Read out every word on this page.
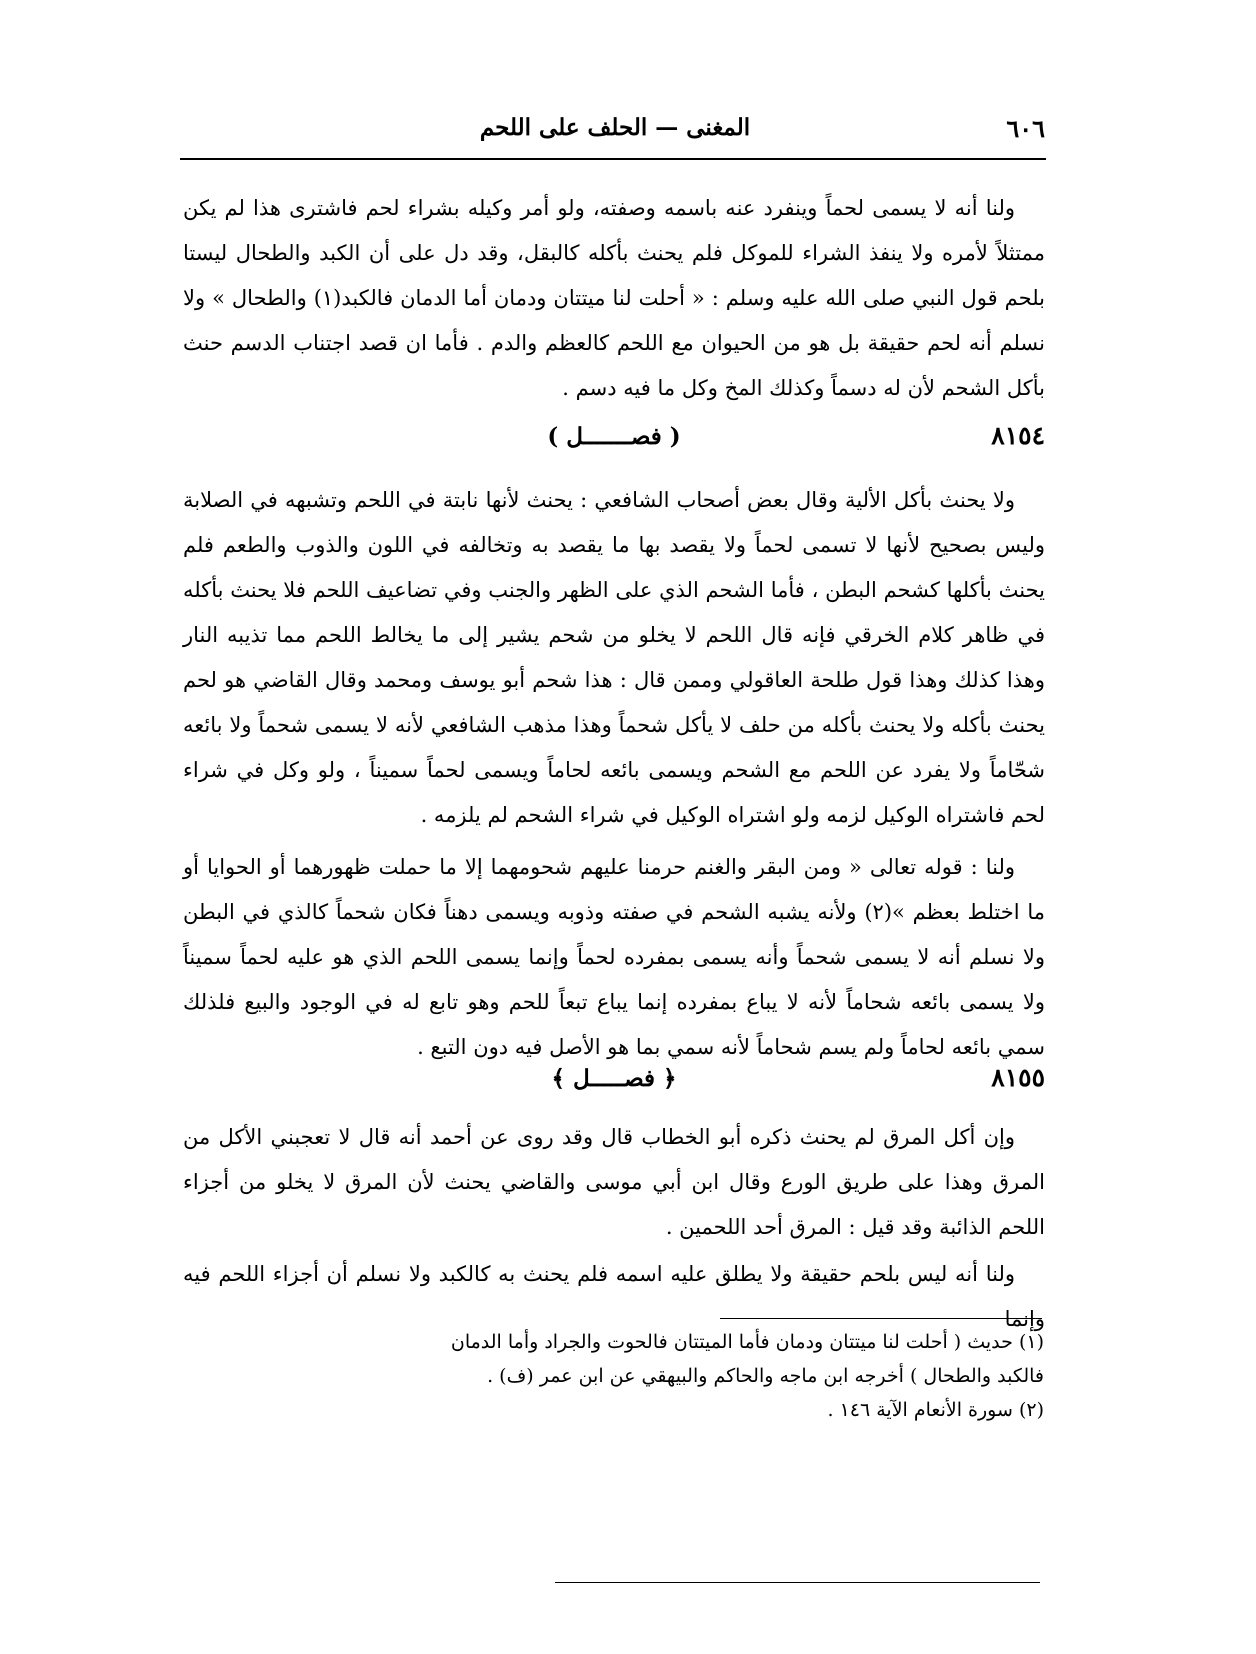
٦٠٦
المغنى — الحلف على اللحم

ولنا أنه لا يسمى لحماً وينفرد عنه باسمه وصفته، ولو أمر وكيله بشراء لحم فاشترى هذا لم يكن ممتثلاً لأمره ولا ينفذ الشراء للموكل فلم يحنث بأكله كالبقل، وقد دل على أن الكبد والطحال ليستا بلحم قول النبي صلى الله عليه وسلم : « أحلت لنا ميتتان ودمان أما الدمان فالكبد(١) والطحال » ولا نسلم أنه لحم حقيقة بل هو من الحيوان مع اللحم كالعظم والدم . فأما ان قصد اجتناب الدسم حنث بأكل الشحم لأن له دسماً وكذلك المخ وكل ما فيه دسم .

٨١٥٤
( فصـــــــل )

ولا يحنث بأكل الألية وقال بعض أصحاب الشافعي : يحنث لأنها نابتة في اللحم وتشبهه في الصلابة وليس بصحيح لأنها لا تسمى لحماً ولا يقصد بها ما يقصد به وتخالفه في اللون والذوب والطعم فلم يحنث بأكلها كشحم البطن ، فأما الشحم الذي على الظهر والجنب وفي تضاعيف اللحم فلا يحنث بأكله في ظاهر كلام الخرقي فإنه قال اللحم لا يخلو من شحم يشير إلى ما يخالط اللحم مما تذيبه النار وهذا كذلك وهذا قول طلحة العاقولي وممن قال : هذا شحم أبو يوسف ومحمد وقال القاضي هو لحم يحنث بأكله ولا يحنث بأكله من حلف لا يأكل شحماً وهذا مذهب الشافعي لأنه لا يسمى شحماً ولا بائعه شحّاماً ولا يفرد عن اللحم مع الشحم ويسمى بائعه لحاماً ويسمى لحماً سميناً ، ولو وكل في شراء لحم فاشتراه الوكيل لزمه ولو اشتراه الوكيل في شراء الشحم لم يلزمه .

ولنا : قوله تعالى « ومن البقر والغنم حرمنا عليهم شحومهما إلا ما حملت ظهورهما أو الحوايا أو ما اختلط بعظم »(٢) ولأنه يشبه الشحم في صفته وذوبه ويسمى دهناً فكان شحماً كالذي في البطن ولا نسلم أنه لا يسمى شحماً وأنه يسمى بمفرده لحماً وإنما يسمى اللحم الذي هو عليه لحماً سميناً ولا يسمى بائعه شحاماً لأنه لا يباع بمفرده إنما يباع تبعاً للحم وهو تابع له في الوجود والبيع فلذلك سمي بائعه لحاماً ولم يسم شحاماً لأنه سمي بما هو الأصل فيه دون التبع .

٨١٥٥
﴿ فصـــــل ﴾

وإن أكل المرق لم يحنث ذكره أبو الخطاب قال وقد روى عن أحمد أنه قال لا تعجبني الأكل من المرق وهذا على طريق الورع وقال ابن أبي موسى والقاضي يحنث لأن المرق لا يخلو من أجزاء اللحم الذائبة وقد قيل : المرق أحد اللحمين .

ولنا أنه ليس بلحم حقيقة ولا يطلق عليه اسمه فلم يحنث به كالكبد ولا نسلم أن أجزاء اللحم فيه وإنما

(١) حديث ( أحلت لنا ميتتان ودمان فأما الميتتان فالحوت والجراد وأما الدمان فالكبد والطحال ) أخرجه ابن ماجه والحاكم والبيهقي عن ابن عمر (ف) .

(٢) سورة الأنعام الآية ١٤٦ .
